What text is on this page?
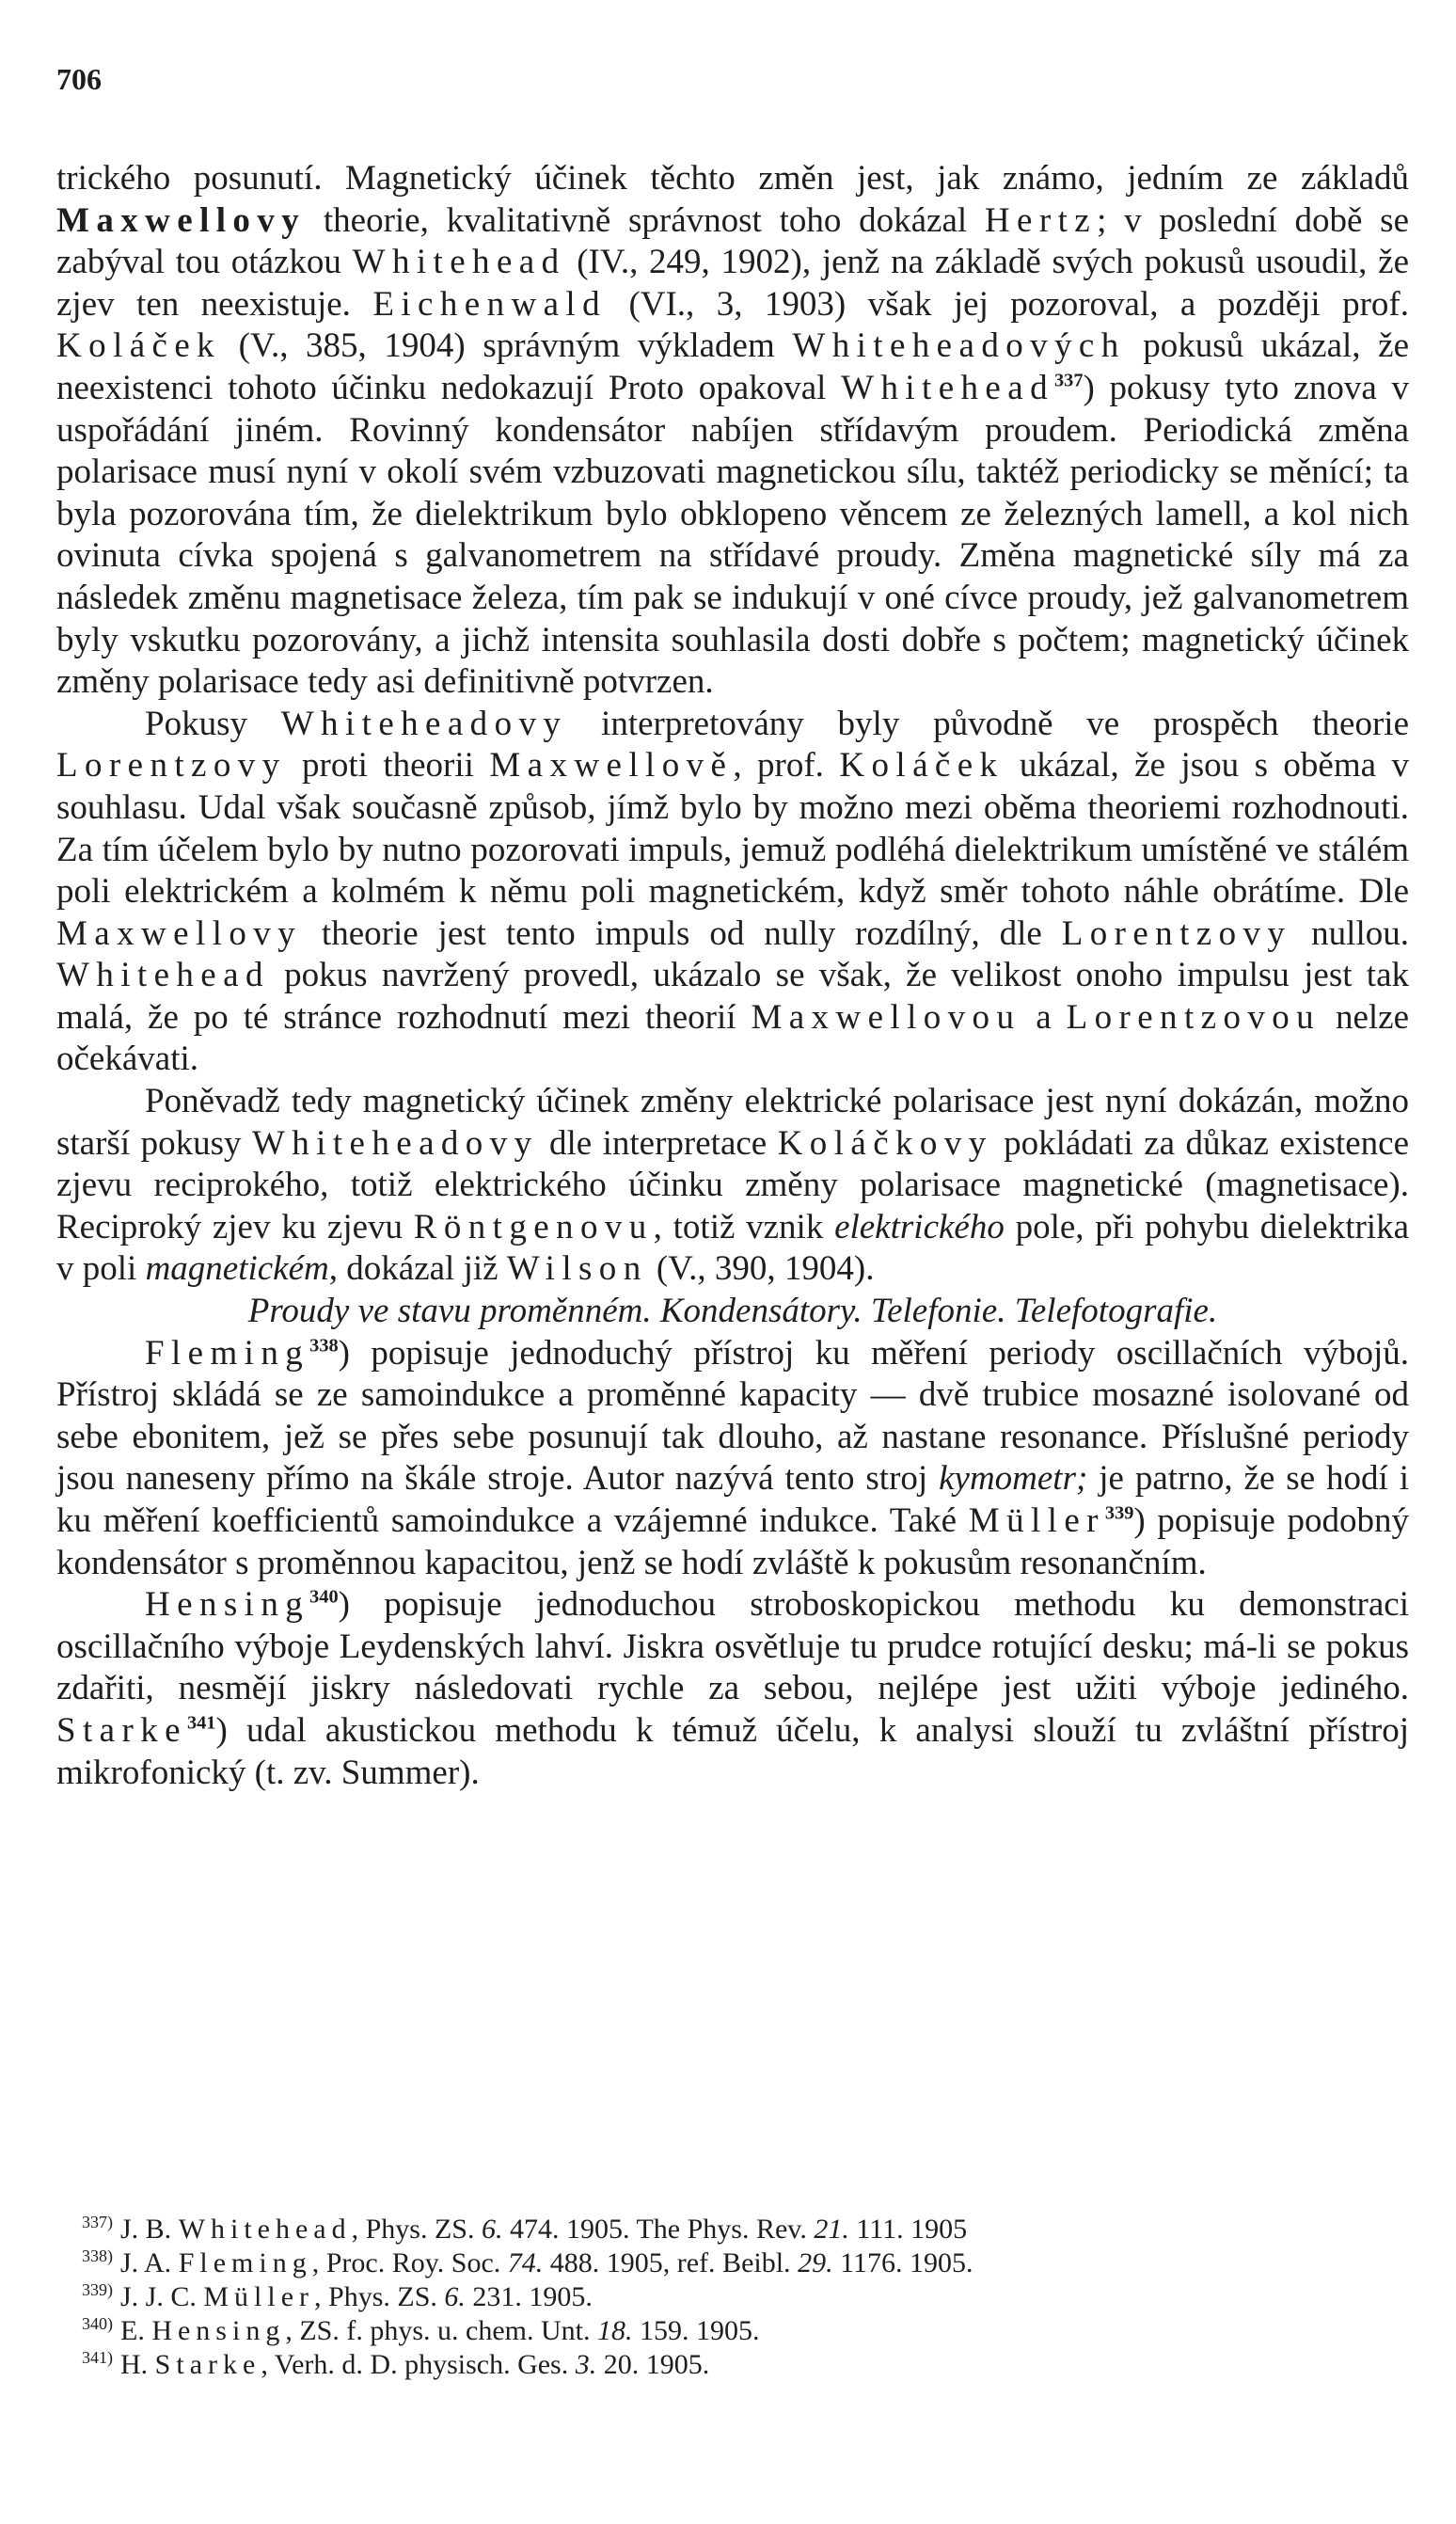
706

trického posunutí. Magnetický účinek těchto změn jest, jak známo, jedním ze základů Maxwellovy theorie, kvalitativně správnost toho dokázal Hertz; v poslední době se zabýval tou otázkou Whitehead (IV., 249, 1902), jenž na základě svých pokusů usoudil, že zjev ten neexistuje. Eichenwald (VI., 3, 1903) však jej pozoroval, a později prof. Koláček (V., 385, 1904) správným výkladem Whiteheadových pokusů ukázal, že neexistenci tohoto účinku nedokazují Proto opakoval Whitehead$^{337}$) pokusy tyto znova v uspořádání jiném. Rovinný kondensátor nabíjen střídavým proudem. Periodická změna polarisace musí nyní v okolí svém vzbuzovati magnetickou sílu, taktéž periodicky se měnící; ta byla pozorována tím, že dielektrikum bylo obklopeno věncem ze železných lamell, a kol nich ovinuta cívka spojená s galvanometrem na střídavé proudy. Změna magnetické síly má za následek změnu magnetisace železa, tím pak se indukují v oné cívce proudy, jež galvanometrem byly vskutku pozorovány, a jichž intensita souhlasila dosti dobře s počtem; magnetický účinek změny polarisace tedy asi definitivně potvrzen.

Pokusy Whiteheadovy interpretovány byly původně ve prospěch theorie Lorentzovy proti theorii Maxwellově, prof. Koláček ukázal, že jsou s oběma v souhlasu. Udal však současně způsob, jímž bylo by možno mezi oběma theoriemi rozhodnouti. Za tím účelem bylo by nutno pozorovati impuls, jemuž podléhá dielektrikum umístěné ve stálém poli elektrickém a kolmém k němu poli magnetickém, když směr tohoto náhle obrátíme. Dle Maxwellovy theorie jest tento impuls od nully rozdílný, dle Lorentzovy nullou. Whitehead pokus navržený provedl, ukázalo se však, že velikost onoho impulsu jest tak malá, že po té stránce rozhodnutí mezi theorií Maxwellovou a Lorentzovou nelze očekávati.

Poněvadž tedy magnetický účinek změny elektrické polarisace jest nyní dokázán, možno starší pokusy Whiteheadovy dle interpretace Koláčkovy pokládati za důkaz existence zjevu reciprokého, totiž elektrického účinku změny polarisace magnetické (magnetisace). Reciproký zjev ku zjevu Röntgenovu, totiž vznik elektrického pole, při pohybu dielektrika v poli magnetickém, dokázal již Wilson (V., 390, 1904).

Proudy ve stavu proměnném. Kondensátory. Telefonie. Telefotografie.

Fleming$^{338}$) popisuje jednoduchý přístroj ku měření periody oscillačních výbojů. Přístroj skládá se ze samoindukce a proměnné kapacity — dvě trubice mosazné isolované od sebe ebonitem, jež se přes sebe posunují tak dlouho, až nastane resonance. Příslušné periody jsou naneseny přímo na škále stroje. Autor nazývá tento stroj kymometr; je patrno, že se hodí i ku měření koefficientů samoindukce a vzájemné indukce. Také Müller$^{339}$) popisuje podobný kondensátor s proměnnou kapacitou, jenž se hodí zvláště k pokusům resonančním.

Hensing$^{340}$) popisuje jednoduchou stroboskopickou methodu ku demonstraci oscillačního výboje Leydenských lahví. Jiskra osvětluje tu prudce rotující desku; má-li se pokus zdařiti, nesmějí jiskry následovati rychle za sebou, nejlépe jest užiti výboje jediného. Starke$^{341}$) udal akustickou methodu k témuž účelu, k analysi slouží tu zvláštní přístroj mikrofonický (t. zv. Summer).

337) J. B. Whitehead, Phys. ZS. 6. 474. 1905. The Phys. Rev. 21. 111. 1905
338) J. A. Fleming, Proc. Roy. Soc. 74. 488. 1905, ref. Beibl. 29. 1176. 1905.
339) J. J. C. Müller, Phys. ZS. 6. 231. 1905.
340) E. Hensing, ZS. f. phys. u. chem. Unt. 18. 159. 1905.
341) H. Starke, Verh. d. D. physisch. Ges. 3. 20. 1905.
